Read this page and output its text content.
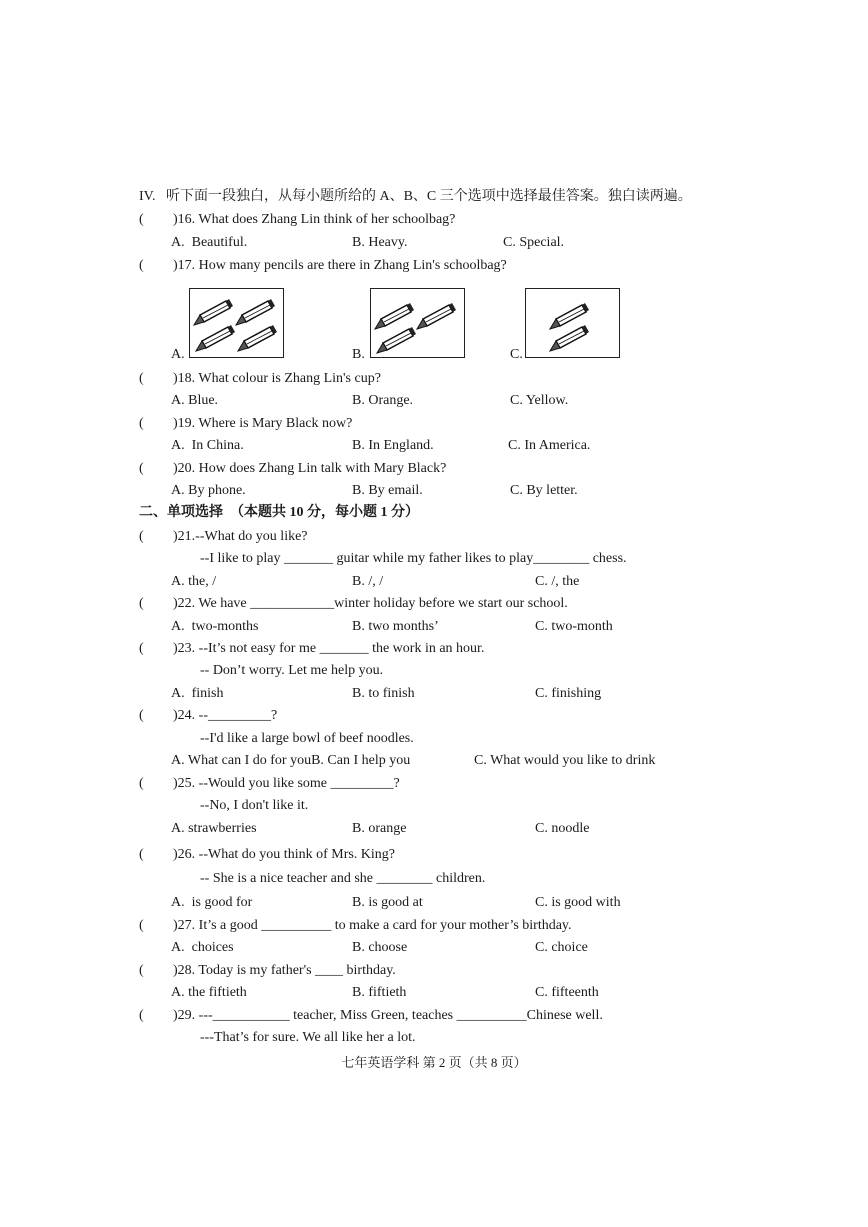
IV.   听下面一段独白，从每小题所给的 A、B、C 三个选项中选择最佳答案。独白读两遍。
( )16. What does Zhang Lin think of her schoolbag?
A.  Beautiful.	B. Heavy.	C. Special.
( )17. How many pencils are there in Zhang Lin's schoolbag?
A.	B.	C.
( )18. What colour is Zhang Lin's cup?
A. Blue.	B. Orange.	C. Yellow.
( )19. Where is Mary Black now?
A.  In China.	B. In England.	C. In America.
( )20. How does Zhang Lin talk with Mary Black?
A. By phone.	B. By email.	C. By letter.
二、单项选择  （本题共 10 分，每小题 1 分）
( )21.--What do you like?
--I like to play _______ guitar while my father likes to play________ chess.
A. the, /	B. /, /	C. /, the
( )22. We have ____________winter holiday before we start our school.
A.  two-months	B. two months’	C. two-month
( )23. --It’s not easy for me _______ the work in an hour.
-- Don’t worry. Let me help you.
A.  finish	B. to finish	C. finishing
( )24. --_________?
--I'd like a large bowl of beef noodles.
A. What can I do for youB. Can I help you	C. What would you like to drink
( )25. --Would you like some _________?
--No, I don't like it.
A. strawberries	B. orange	C. noodle
( )26. --What do you think of Mrs. King?
-- She is a nice teacher and she ________ children.
A.  is good for	B. is good at	C. is good with
( )27. It’s a good __________ to make a card for your mother’s birthday.
A.  choices	B. choose	C. choice
( )28. Today is my father's ____ birthday.
A. the fiftieth	B. fiftieth	C. fifteenth
( )29. ---___________ teacher, Miss Green, teaches __________Chinese well.
---That’s for sure. We all like her a lot.
七年英语学科 第 2 页（共 8 页）
